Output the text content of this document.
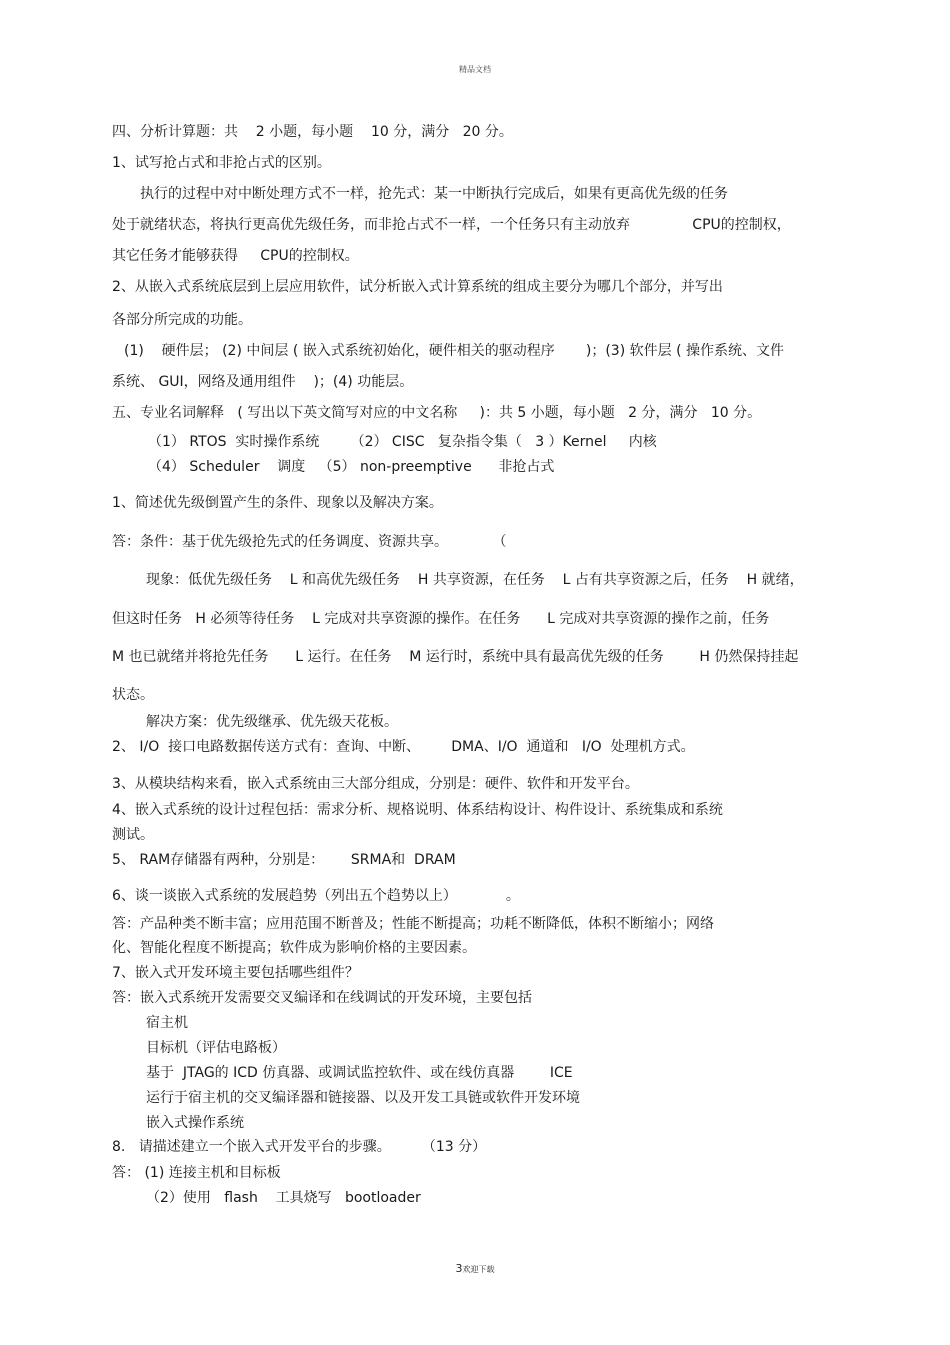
精品文档
四、分析计算题：共    2 小题，每小题    10 分，满分   20 分。
1、试写抢占式和非抢占式的区别。
执行的过程中对中断处理方式不一样，抢先式：某一中断执行完成后，如果有更高优先级的任务
处于就绪状态，将执行更高优先级任务，而非抢占式不一样，一个任务只有主动放弃              CPU的控制权，
其它任务才能够获得     CPU的控制权。
2、从嵌入式系统底层到上层应用软件，试分析嵌入式计算系统的组成主要分为哪几个部分，并写出
各部分所完成的功能。
(1)    硬件层； (2) 中间层 ( 嵌入式系统初始化，硬件相关的驱动程序       )；(3) 软件层 ( 操作系统、文件
系统、 GUI，网络及通用组件    )；(4) 功能层。
五、专业名词解释   ( 写出以下英文简写对应的中文名称     )：共 5 小题，每小题   2 分，满分   10 分。
（1） RTOS  实时操作系统       （2） CISC   复杂指令集（   3 ）Kernel     内核
（4） Scheduler    调度   （5） non-preemptive      非抢占式
1、简述优先级倒置产生的条件、现象以及解决方案。
答：条件：基于优先级抢先式的任务调度、资源共享。          （
现象：低优先级任务    L 和高优先级任务    H 共享资源，在任务    L 占有共享资源之后，任务    H 就绪，
但这时任务   H 必须等待任务    L 完成对共享资源的操作。在任务      L 完成对共享资源的操作之前，任务
M 也已就绪并将抢先任务      L 运行。在任务    M 运行时，系统中具有最高优先级的任务        H 仍然保持挂起
状态。
解决方案：优先级继承、优先级天花板。
2、 I/O  接口电路数据传送方式有：查询、中断、       DMA、I/O  通道和   I/O  处理机方式。
3、从模块结构来看，嵌入式系统由三大部分组成，分别是：硬件、软件和开发平台。
4、嵌入式系统的设计过程包括：需求分析、规格说明、体系结构设计、构件设计、系统集成和系统
测试。
5、 RAM存储器有两种，分别是：      SRMA和  DRAM
6、谈一谈嵌入式系统的发展趋势（列出五个趋势以上）           。
答：产品种类不断丰富；应用范围不断普及；性能不断提高；功耗不断降低，体积不断缩小；网络
化、智能化程度不断提高；软件成为影响价格的主要因素。
7、嵌入式开发环境主要包括哪些组件？
答：嵌入式系统开发需要交叉编译和在线调试的开发环境，主要包括
宿主机
目标机（评估电路板）
基于  JTAG的 ICD 仿真器、或调试监控软件、或在线仿真器        ICE
运行于宿主机的交叉编译器和链接器、以及开发工具链或软件开发环境
嵌入式操作系统
8.   请描述建立一个嵌入式开发平台的步骤。       （13 分）
答： (1) 连接主机和目标板
（2）使用   flash    工具烧写   bootloader
3欢迎下载
